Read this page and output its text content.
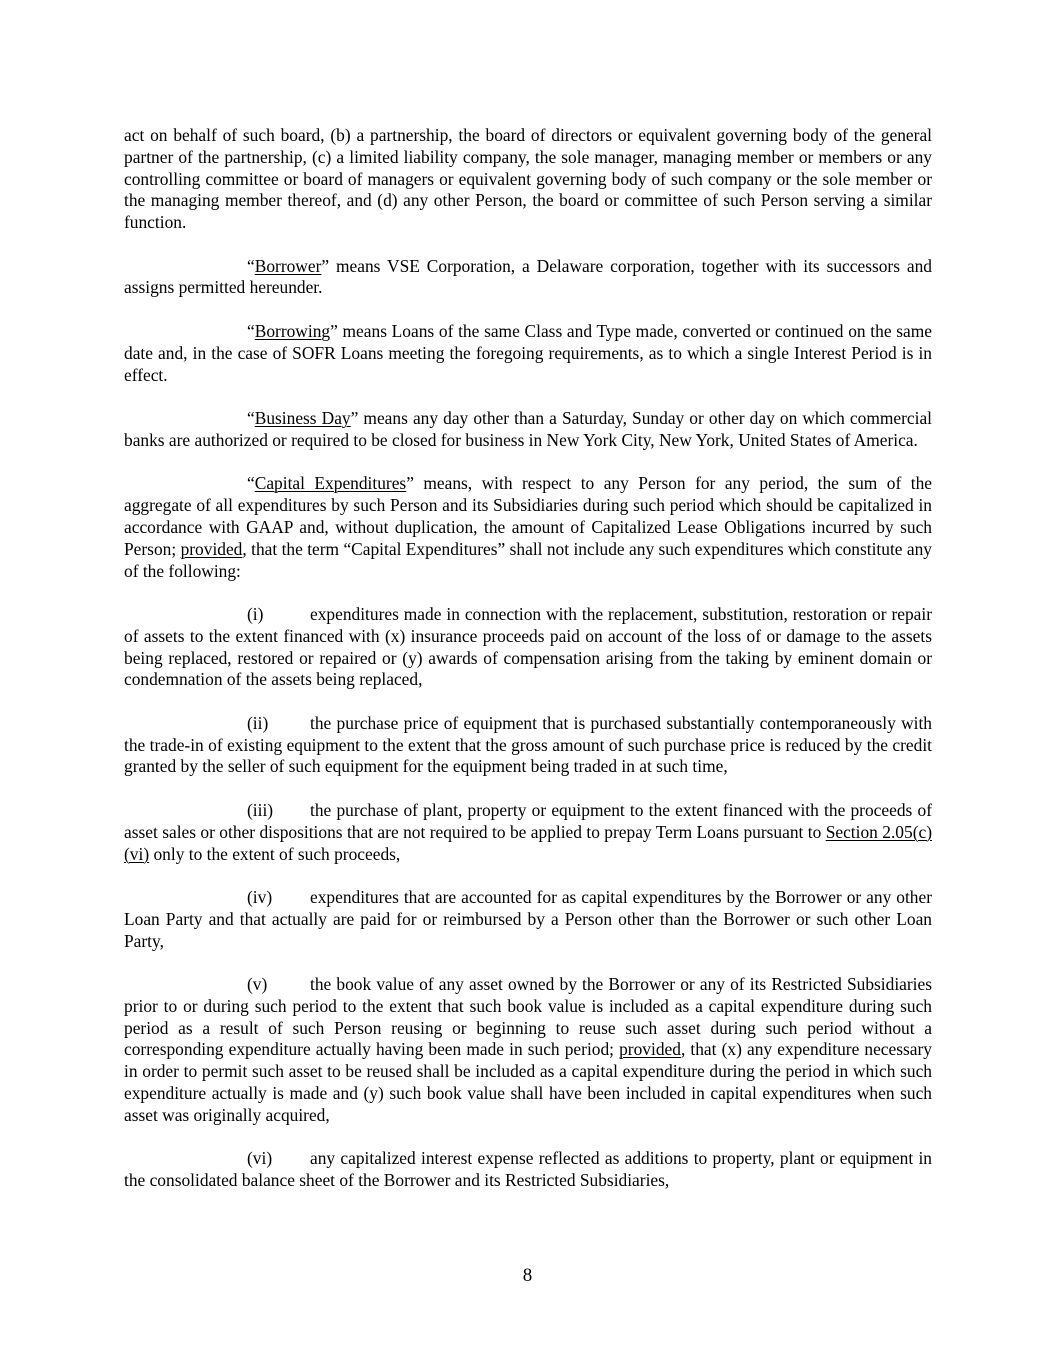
act on behalf of such board, (b) a partnership, the board of directors or equivalent governing body of the general partner of the partnership, (c) a limited liability company, the sole manager, managing member or members or any controlling committee or board of managers or equivalent governing body of such company or the sole member or the managing member thereof, and (d) any other Person, the board or committee of such Person serving a similar function.

“Borrower” means VSE Corporation, a Delaware corporation, together with its successors and assigns permitted hereunder.

“Borrowing” means Loans of the same Class and Type made, converted or continued on the same date and, in the case of SOFR Loans meeting the foregoing requirements, as to which a single Interest Period is in effect.

“Business Day” means any day other than a Saturday, Sunday or other day on which commercial banks are authorized or required to be closed for business in New York City, New York, United States of America.

“Capital Expenditures” means, with respect to any Person for any period, the sum of the aggregate of all expenditures by such Person and its Subsidiaries during such period which should be capitalized in accordance with GAAP and, without duplication, the amount of Capitalized Lease Obligations incurred by such Person; provided, that the term “Capital Expenditures” shall not include any such expenditures which constitute any of the following:

(i)	expenditures made in connection with the replacement, substitution, restoration or repair of assets to the extent financed with (x) insurance proceeds paid on account of the loss of or damage to the assets being replaced, restored or repaired or (y) awards of compensation arising from the taking by eminent domain or condemnation of the assets being replaced,

(ii) the purchase price of equipment that is purchased substantially contemporaneously with the trade-in of existing equipment to the extent that the gross amount of such purchase price is reduced by the credit granted by the seller of such equipment for the equipment being traded in at such time,

(iii) the purchase of plant, property or equipment to the extent financed with the proceeds of asset sales or other dispositions that are not required to be applied to prepay Term Loans pursuant to Section 2.05(c)(vi) only to the extent of such proceeds,

(iv) expenditures that are accounted for as capital expenditures by the Borrower or any other Loan Party and that actually are paid for or reimbursed by a Person other than the Borrower or such other Loan Party,

(v) the book value of any asset owned by the Borrower or any of its Restricted Subsidiaries prior to or during such period to the extent that such book value is included as a capital expenditure during such period as a result of such Person reusing or beginning to reuse such asset during such period without a corresponding expenditure actually having been made in such period; provided, that (x) any expenditure necessary in order to permit such asset to be reused shall be included as a capital expenditure during the period in which such expenditure actually is made and (y) such book value shall have been included in capital expenditures when such asset was originally acquired,

(vi) any capitalized interest expense reflected as additions to property, plant or equipment in the consolidated balance sheet of the Borrower and its Restricted Subsidiaries,

8
